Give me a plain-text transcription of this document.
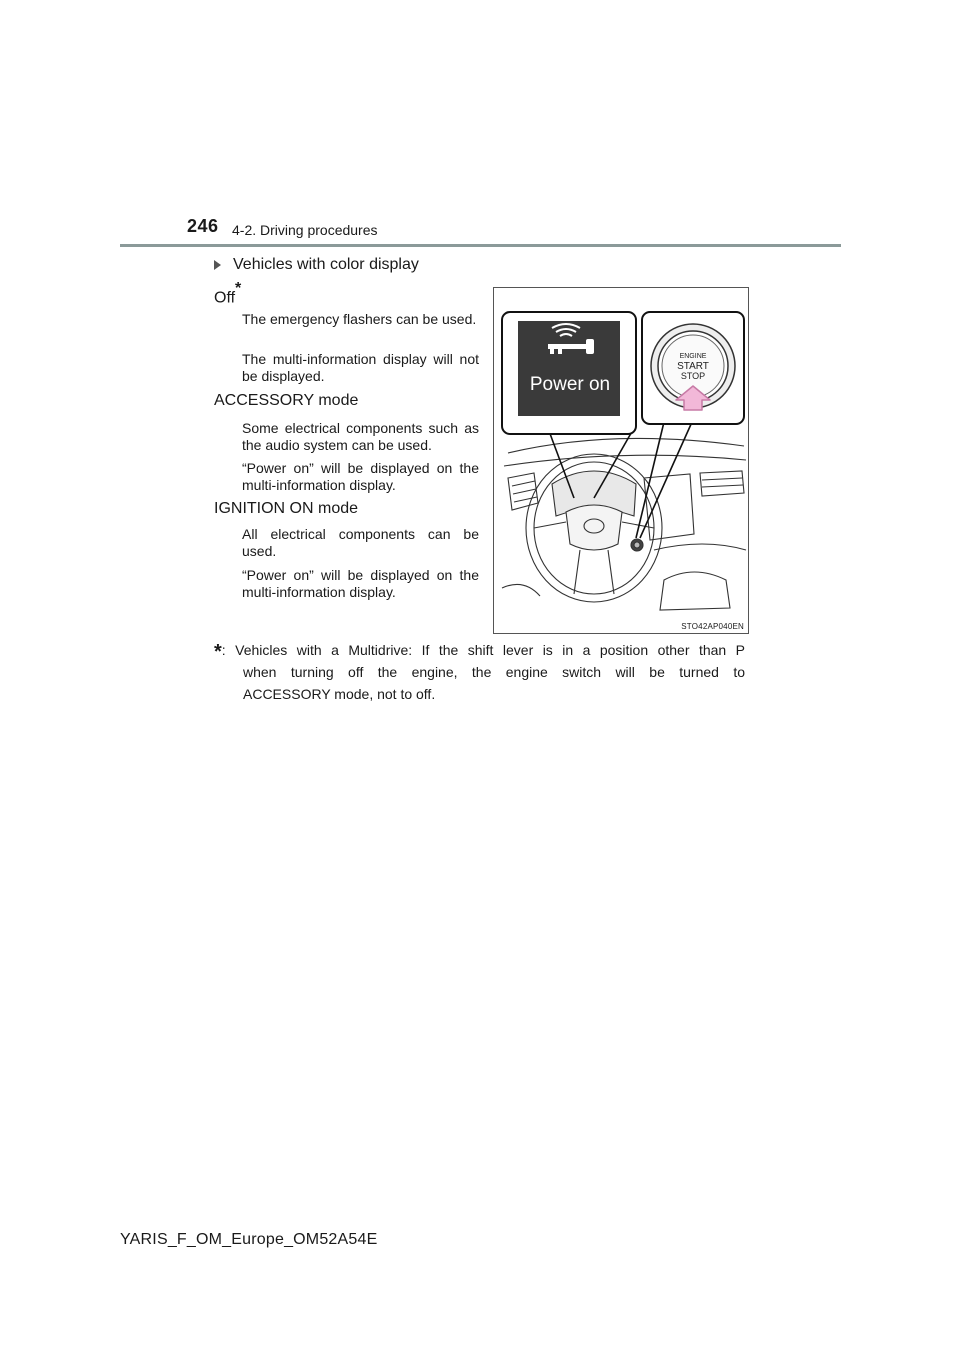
246 4-2. Driving procedures
Vehicles with color display
Off*
The emergency flashers can be used.
The multi-information display will not be displayed.
ACCESSORY mode
Some electrical components such as the audio system can be used.
“Power on” will be displayed on the multi-information display.
IGNITION ON mode
All electrical components can be used.
“Power on” will be displayed on the multi-information display.
Power on
ENGINE
START
STOP
STO42AP040EN
*: Vehicles with a Multidrive: If the shift lever is in a position other than P
when turning off the engine, the engine switch will be turned to
ACCESSORY mode, not to off.
YARIS_F_OM_Europe_OM52A54E
